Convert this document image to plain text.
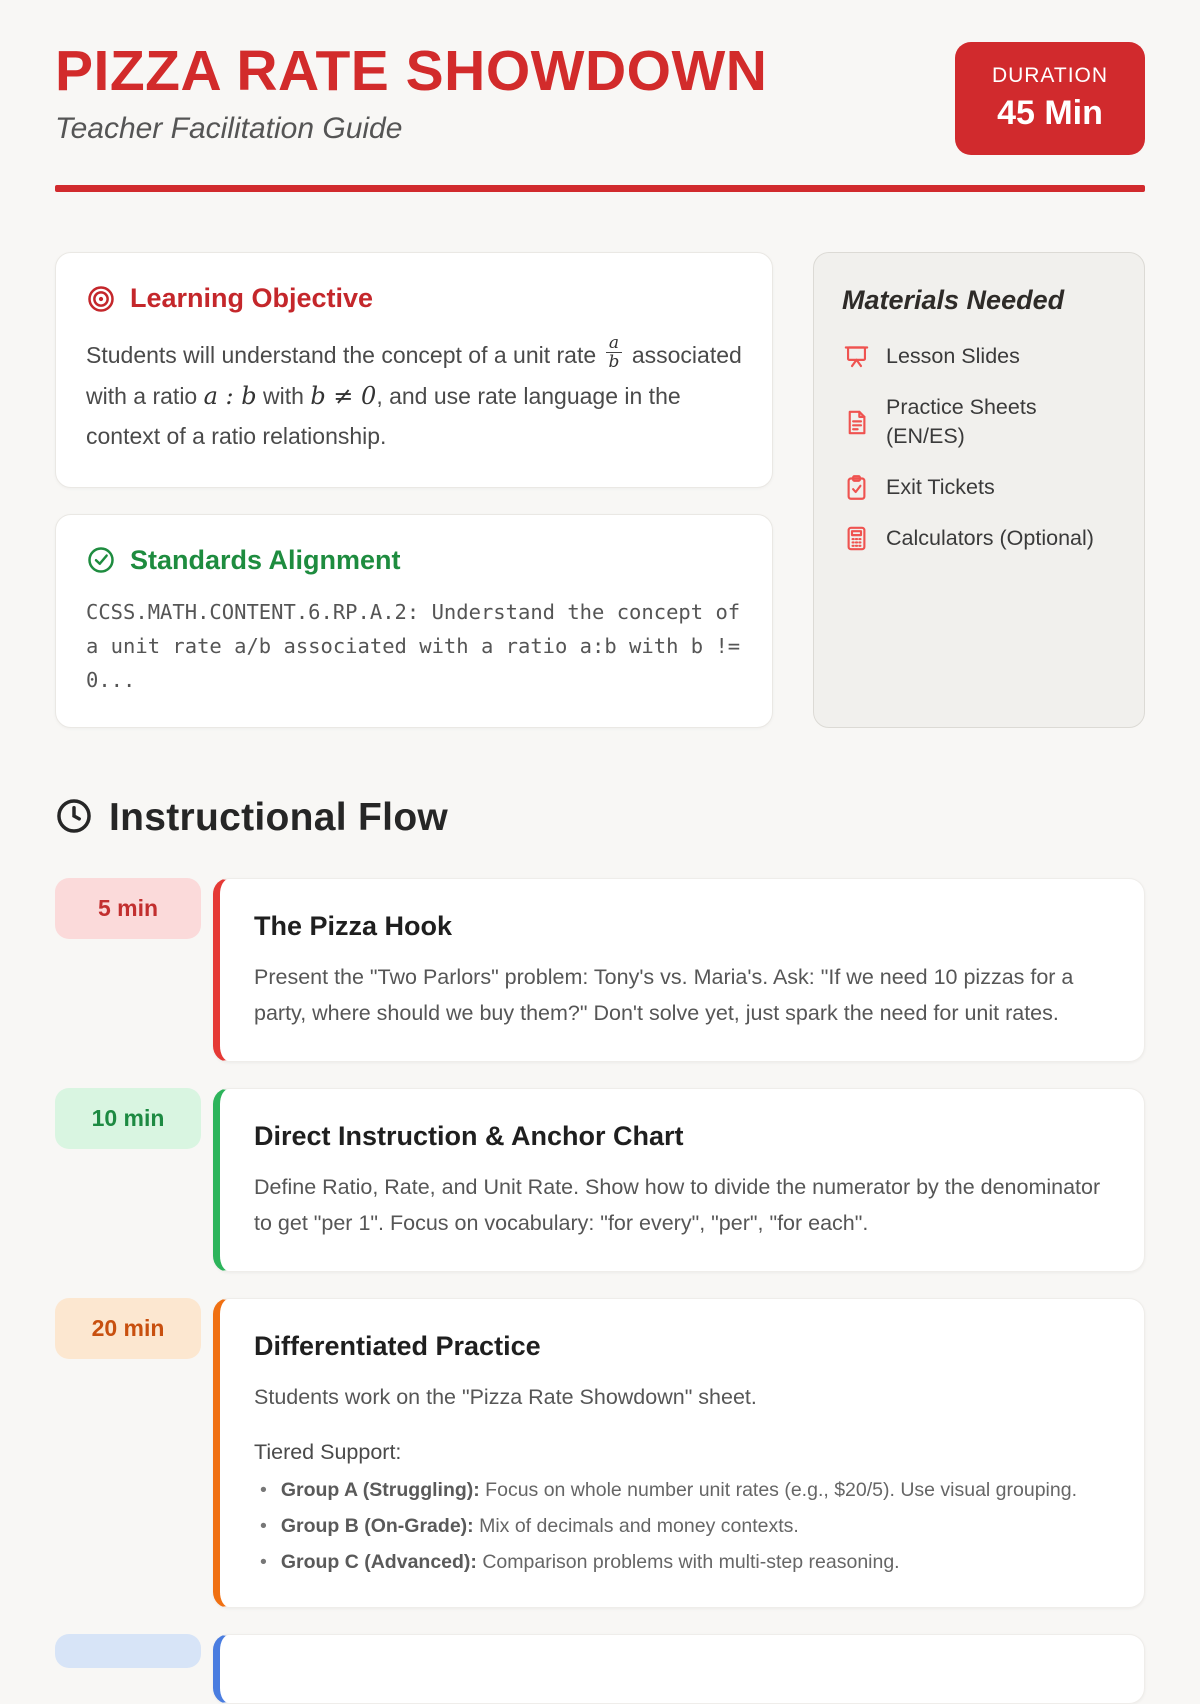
PIZZA RATE SHOWDOWN
Teacher Facilitation Guide
DURATION
45 Min
Learning Objective
Students will understand the concept of a unit rate $\frac{a}{b}$ associated with a ratio a : b with b ≠ 0, and use rate language in the context of a ratio relationship.
Standards Alignment
CCSS.MATH.CONTENT.6.RP.A.2: Understand the concept of a unit rate a/b associated with a ratio a:b with b != 0...
Materials Needed
Lesson Slides
Practice Sheets (EN/ES)
Exit Tickets
Calculators (Optional)
Instructional Flow
5 min
The Pizza Hook
Present the "Two Parlors" problem: Tony's vs. Maria's. Ask: "If we need 10 pizzas for a party, where should we buy them?" Don't solve yet, just spark the need for unit rates.
10 min
Direct Instruction & Anchor Chart
Define Ratio, Rate, and Unit Rate. Show how to divide the numerator by the denominator to get "per 1". Focus on vocabulary: "for every", "per", "for each".
20 min
Differentiated Practice
Students work on the "Pizza Rate Showdown" sheet.
Tiered Support:
• Group A (Struggling): Focus on whole number unit rates (e.g., $20/5). Use visual grouping.
• Group B (On-Grade): Mix of decimals and money contexts.
• Group C (Advanced): Comparison problems with multi-step reasoning.
